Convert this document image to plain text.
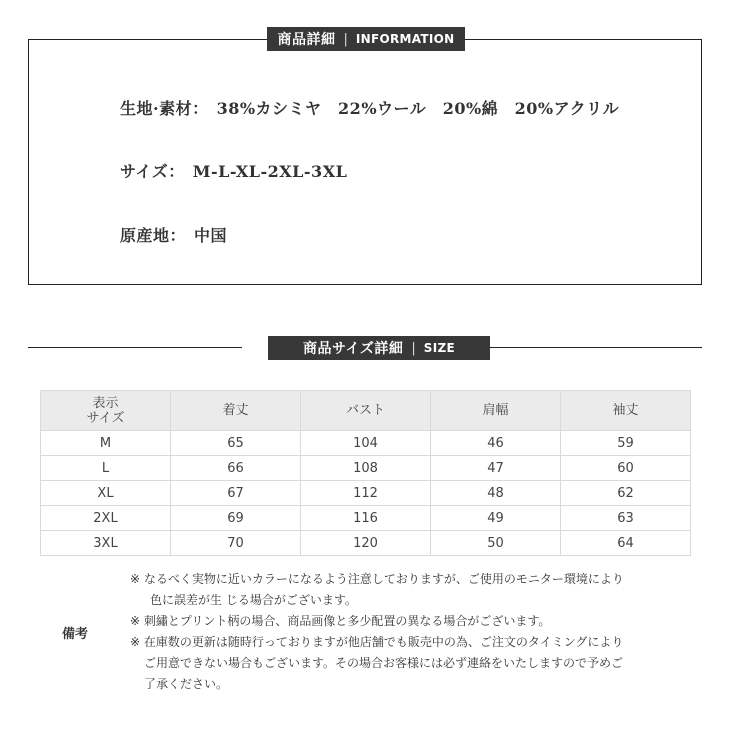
商品詳細 | INFORMATION
生地·素材： 38%カシミヤ　22%ウール　20%綿　20%アクリル
サイズ： M-L-XL-2XL-3XL
原産地： 中国
商品サイズ詳細 | SIZE
表示
サイズ	着丈	バスト	肩幅	袖丈
M	65	104	46	59
L	66	108	47	60
XL	67	112	48	62
2XL	69	116	49	63
3XL	70	120	50	64
備考

※ なるべく実物に近いカラーになるよう注意しておりますが、ご使用のモニター環境により

色に誤差が生 じる場合がございます。

※ 刺繡とプリント柄の場合、商品画像と多少配置の異なる場合がございます。

※ 在庫数の更新は随時行っておりますが他店舗でも販売中の為、ご注文のタイミングにより

ご用意できない場合もございます。その場合お客様には必ず連絡をいたしますので予めご

了承ください。
